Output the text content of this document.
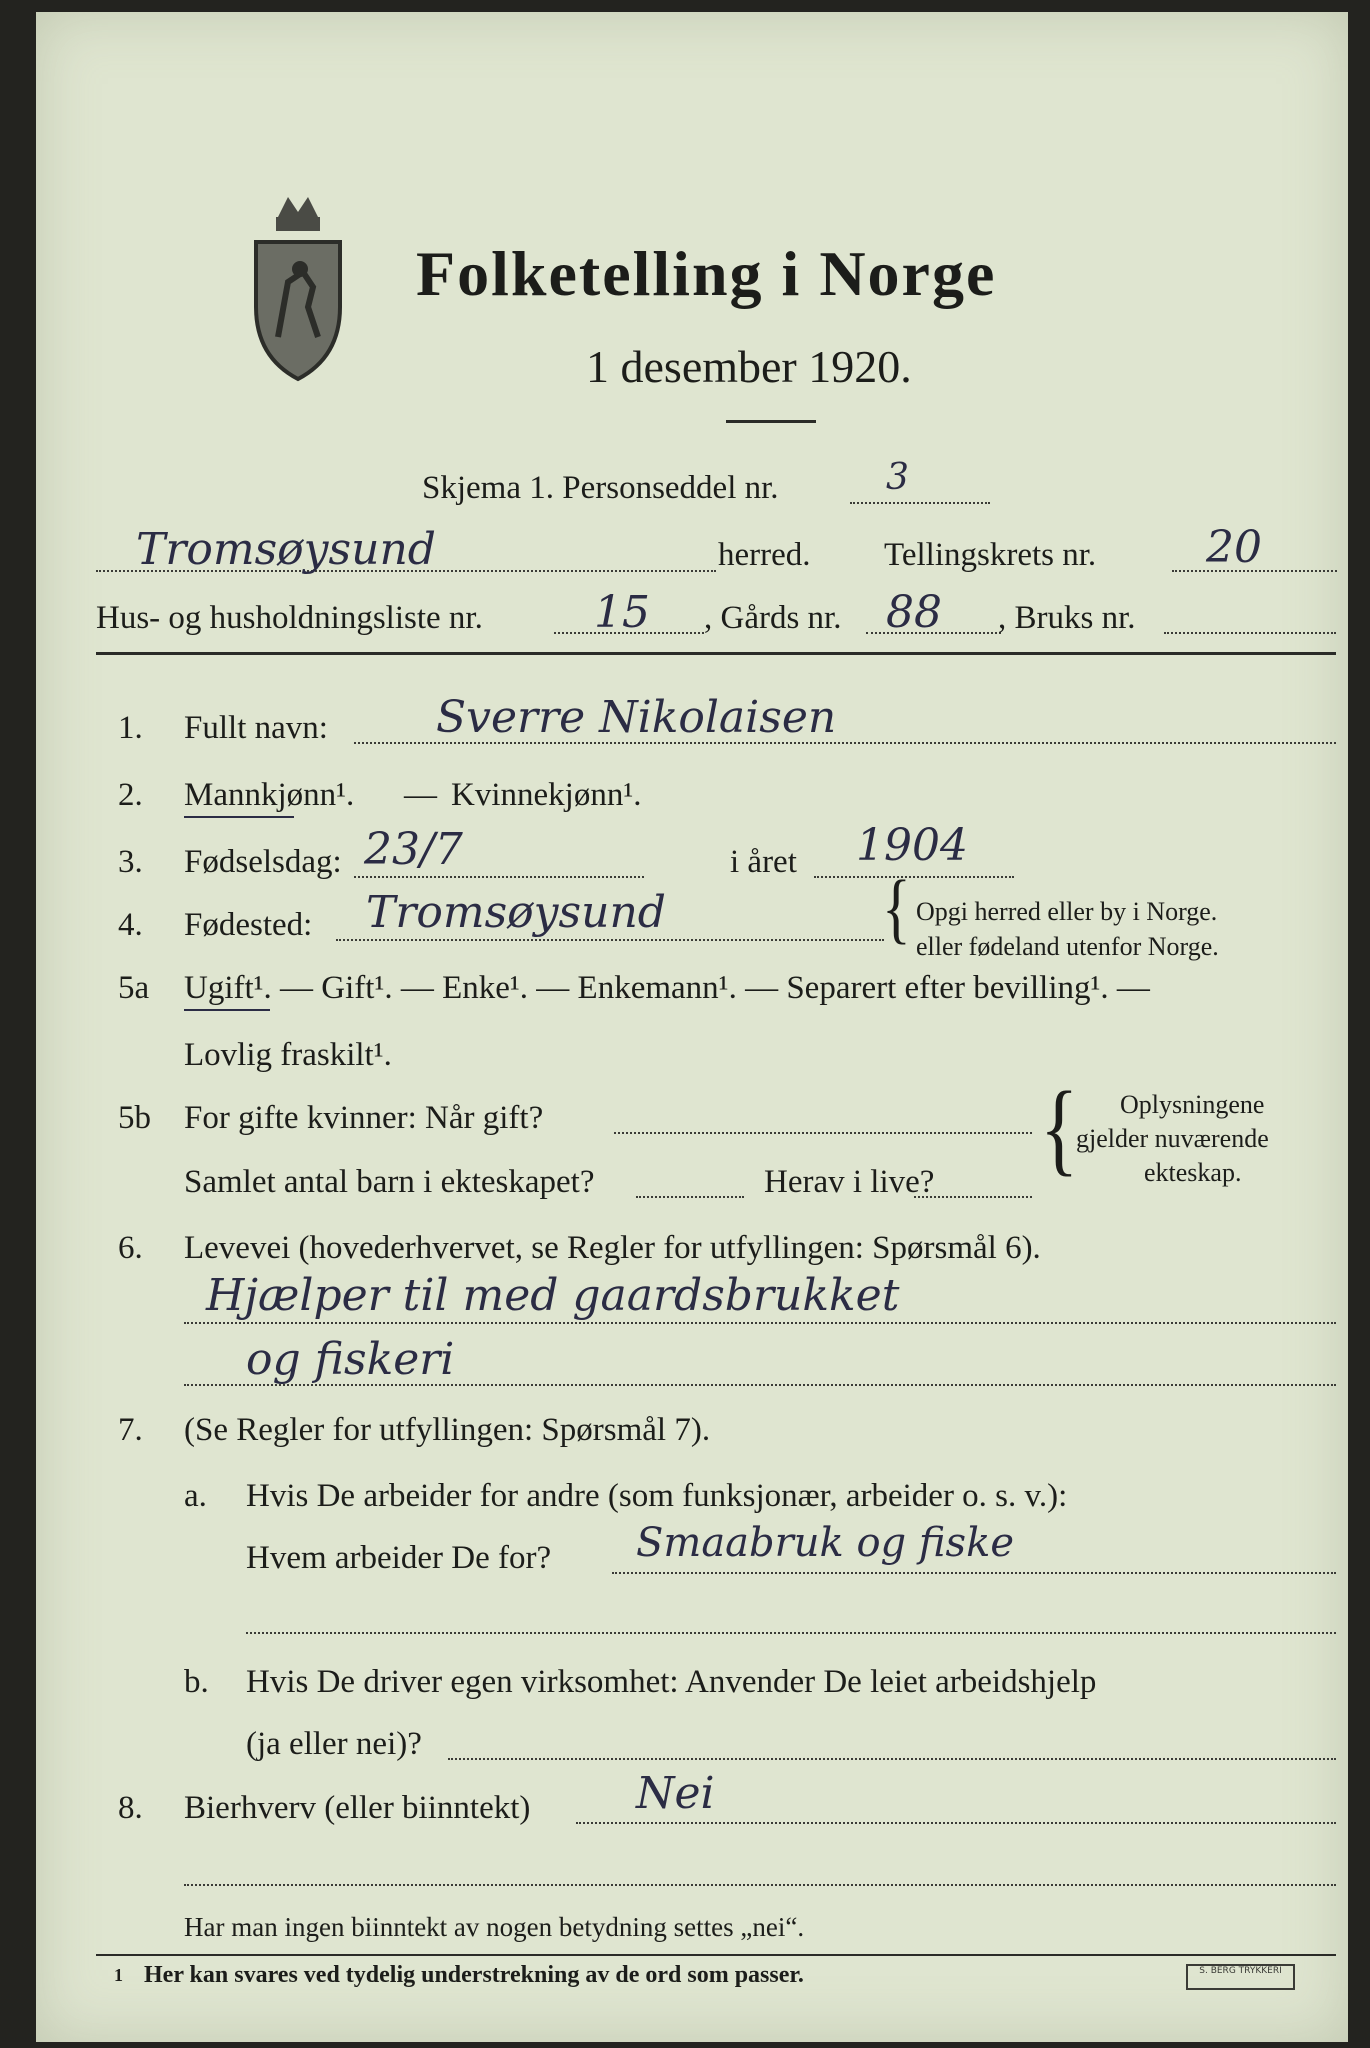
Folketelling i Norge
1 desember 1920.
Skjema 1. Personseddel nr.	3
Tromsøysund	herred. Tellingskrets nr. 20
Hus- og husholdningsliste nr.	15 , Gårds nr. 88 , Bruks nr.
1. Fullt navn: Sverre Nikolaisen
2. Mannkjønn¹. — Kvinnekjønn¹.
3. Fødselsdag: 23/7	i året 1904
4. Fødested: Tromsøysund	{ Opgi herred eller by i Norge.
eller fødeland utenfor Norge.
5a Ugift¹. — Gift¹. — Enke¹. — Enkemann¹. — Separert efter bevilling¹. —
Lovlig fraskilt¹.
5b For gifte kvinner: Når gift?
Samlet antal barn i ekteskapet?	Herav i live? { Oplysningene
gjelder nuværende
ekteskap.
6. Levevei (hovederhvervet, se Regler for utfyllingen: Spørsmål 6).
Hjælper til med gaardsbrukket
og fiskeri
7. (Se Regler for utfyllingen: Spørsmål 7).
a. Hvis De arbeider for andre (som funksjonær, arbeider o. s. v.):
Hvem arbeider De for? Smaabruk og fiske
b. Hvis De driver egen virksomhet: Anvender De leiet arbeidshjelp
(ja eller nei)?
8. Bierhverv (eller biinntekt) Nei
Har man ingen biinntekt av nogen betydning settes „nei“.
1 Her kan svares ved tydelig understrekning av de ord som passer.	S. BERG TRYKKERI
